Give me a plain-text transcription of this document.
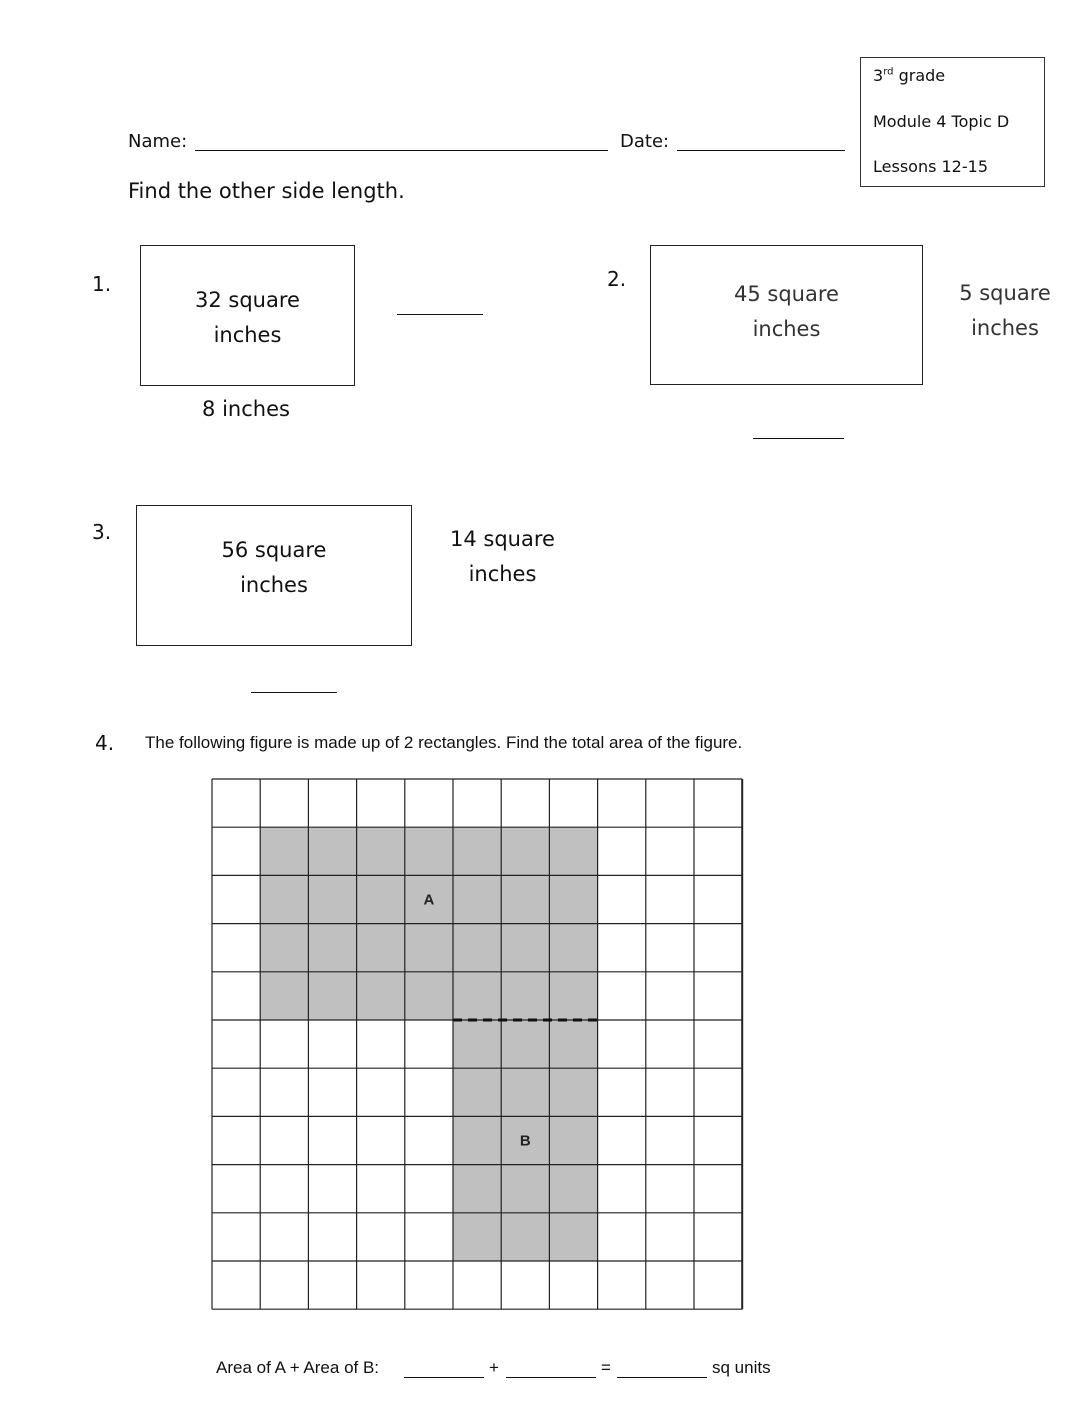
3rd grade
Module 4 Topic D
Lessons 12-15
Name:	Date:
Find the other side length.
1.
32 square
inches
8 inches
2.
45 square
inches
5 square
inches
3.
56 square
inches
14 square
inches
4. The following figure is made up of 2 rectangles. Find the total area of the figure.
A
B
Area of A + Area of B:	+	=	sq units
